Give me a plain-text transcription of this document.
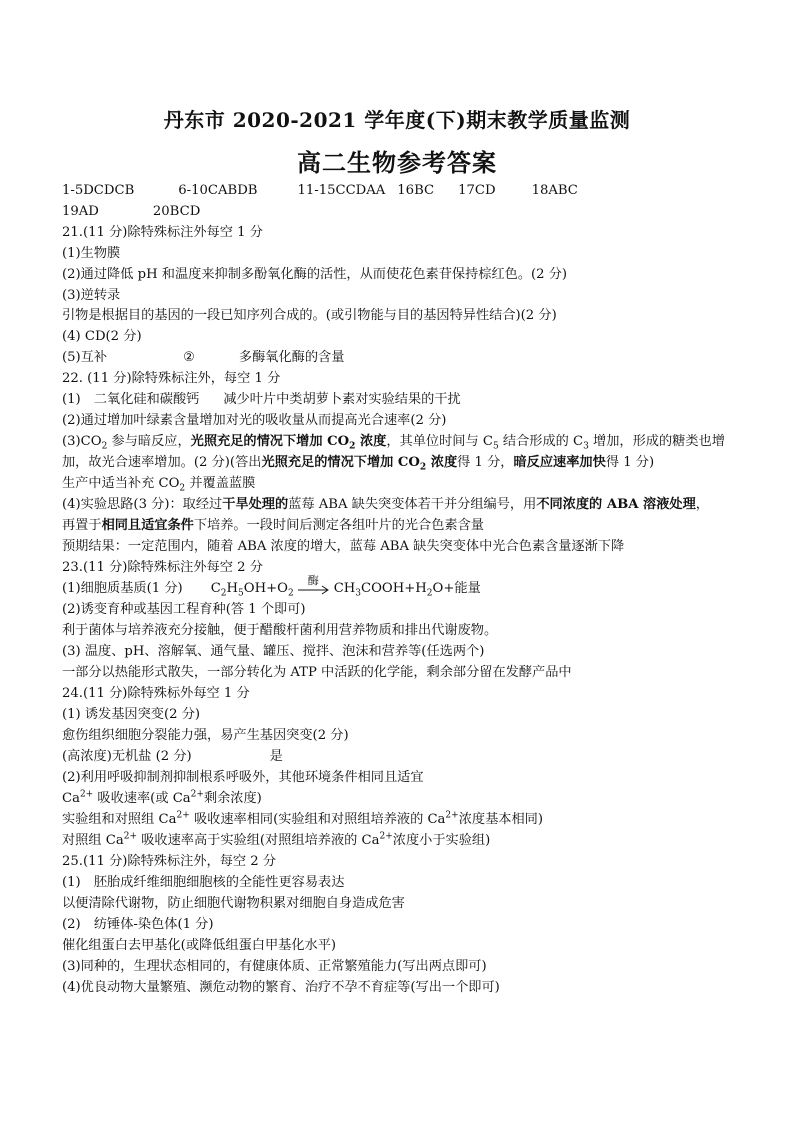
丹东市 2020-2021 学年度(下)期末教学质量监测
高二生物参考答案
1-5DCDCB	6-10CABDB	11-15CCDAA 16BC 17CD	18ABC
19AD	20BCD
21.(11 分)除特殊标注外每空 1 分
(1)生物膜
(2)通过降低 pH 和温度来抑制多酚氧化酶的活性，从而使花色素苷保持棕红色。(2 分)
(3)逆转录
引物是根据目的基因的一段已知序列合成的。(或引物能与目的基因特异性结合)(2 分)
(4) CD(2 分)
(5)互补	②	多酶氧化酶的含量
22. (11 分)除特殊标注外，每空 1 分
(1)　二氧化硅和碳酸钙 减少叶片中类胡萝卜素对实验结果的干扰
(2)通过增加叶绿素含量增加对光的吸收量从而提高光合速率(2 分)
$(3)CO_2$ 参与暗反应，光照充足的情况下增加 $CO_2$ 浓度，其单位时间与 $C_5$ 结合形成的 $C_3$ 增加，形成的糖类也增
加，故光合速率增加。(2 分)(答出光照充足的情况下增加 $CO_2$ 浓度得 1 分，暗反应速率加快得 1 分)
生产中适当补充 $CO_2$ 并覆盖蓝膜
(4)实验思路(3 分)：取经过干旱处理的蓝莓 ABA 缺失突变体若干并分组编号，用不同浓度的 ABA 溶液处理，
再置于相同且适宜条件下培养。一段时间后测定各组叶片的光合色素含量
预期结果：一定范围内，随着 ABA 浓度的增大，蓝莓 ABA 缺失突变体中光合色素含量逐渐下降
23.(11 分)除特殊标注外每空 2 分
(1)细胞质基质(1 分) $C_2H_5OH+O_2$
酶
$CH_3COOH+H_2O+$能量
(2)诱变育种或基因工程育种(答 1 个即可)
利于菌体与培养液充分接触，便于醋酸杆菌利用营养物质和排出代谢废物。
(3) 温度、pH、溶解氧、通气量、罐压、搅拌、泡沫和营养等(任选两个)
一部分以热能形式散失，一部分转化为 ATP 中活跃的化学能，剩余部分留在发酵产品中
24.(11 分)除特殊标外每空 1 分
(1) 诱发基因突变(2 分)
愈伤组织细胞分裂能力强，易产生基因突变(2 分)
(高浓度)无机盐 (2 分)	是
(2)利用呼吸抑制剂抑制根系呼吸外，其他环境条件相同且适宜
$Ca^{2+}$ 吸收速率(或 $Ca^{2+}$剩余浓度)
实验组和对照组 $Ca^{2+}$ 吸收速率相同(实验组和对照组培养液的 $Ca^{2+}$浓度基本相同)
对照组 $Ca^{2+}$ 吸收速率高于实验组(对照组培养液的 $Ca^{2+}$浓度小于实验组)
25.(11 分)除特殊标注外，每空 2 分
(1)　胚胎成纤维细胞细胞核的全能性更容易表达
以便清除代谢物，防止细胞代谢物积累对细胞自身造成危害
(2)　纺锤体-染色体(1 分)
催化组蛋白去甲基化(或降低组蛋白甲基化水平)
(3)同种的，生理状态相同的，有健康体质、正常繁殖能力(写出两点即可)
(4)优良动物大量繁殖、濒危动物的繁育、治疗不孕不育症等(写出一个即可)
